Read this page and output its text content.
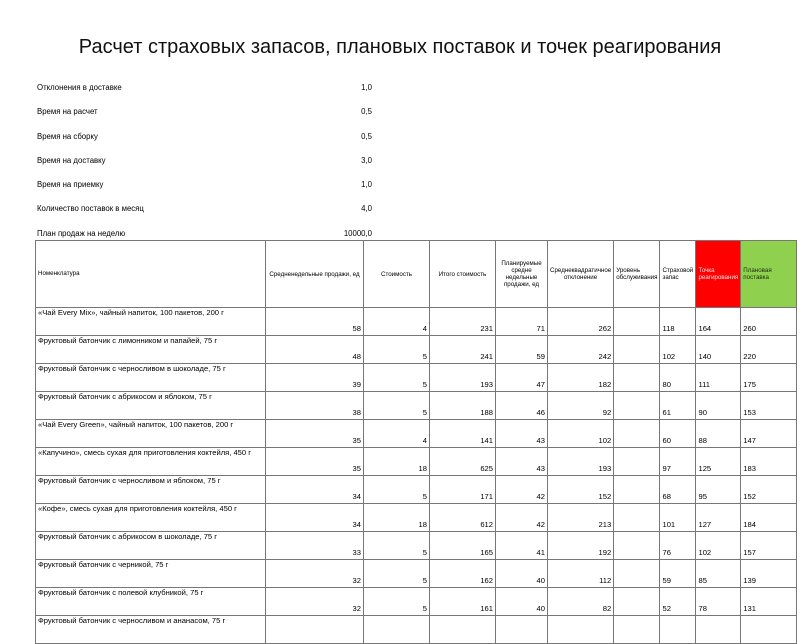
Расчет страховых запасов, плановых поставок и точек реагирования
Отклонения в доставке	1,0
Время на расчет	0,5
Время на сборку	0,5
Время на доставку	3,0
Время на приемку	1,0
Количество поставок в месяц	4,0
План продаж на неделю	10000,0
Номенклатура	Средненедельные продажи, ед	Стоимость	Итого стоимость	Планируемые средне недельные продажи, ед	Среднеквадратичное отклонение	Уровень обслуживания	Страховой запас	Точка реагирования	Плановая поставка
«Чай Every Mix», чайный напиток, 100 пакетов, 200 г	58	4	231	71	262		118	164	260
Фруктовый батончик с лимонником и папайей, 75 г	48	5	241	59	242		102	140	220
Фруктовый батончик с черносливом в шоколаде, 75 г	39	5	193	47	182		80	111	175
Фруктовый батончик с абрикосом и яблоком, 75 г	38	5	188	46	92		61	90	153
«Чай Every Green», чайный напиток, 100 пакетов, 200 г	35	4	141	43	102		60	88	147
«Капучино», смесь сухая для приготовления коктейля, 450 г	35	18	625	43	193		97	125	183
Фруктовый батончик с черносливом и яблоком, 75 г	34	5	171	42	152		68	95	152
«Кофе», смесь сухая для приготовления коктейля, 450 г	34	18	612	42	213		101	127	184
Фруктовый батончик с абрикосом в шоколаде, 75 г	33	5	165	41	192		76	102	157
Фруктовый батончик с черникой, 75 г	32	5	162	40	112		59	85	139
Фруктовый батончик с полевой клубникой, 75 г	32	5	161	40	82		52	78	131
Фруктовый батончик с черносливом и ананасом, 75 г									
